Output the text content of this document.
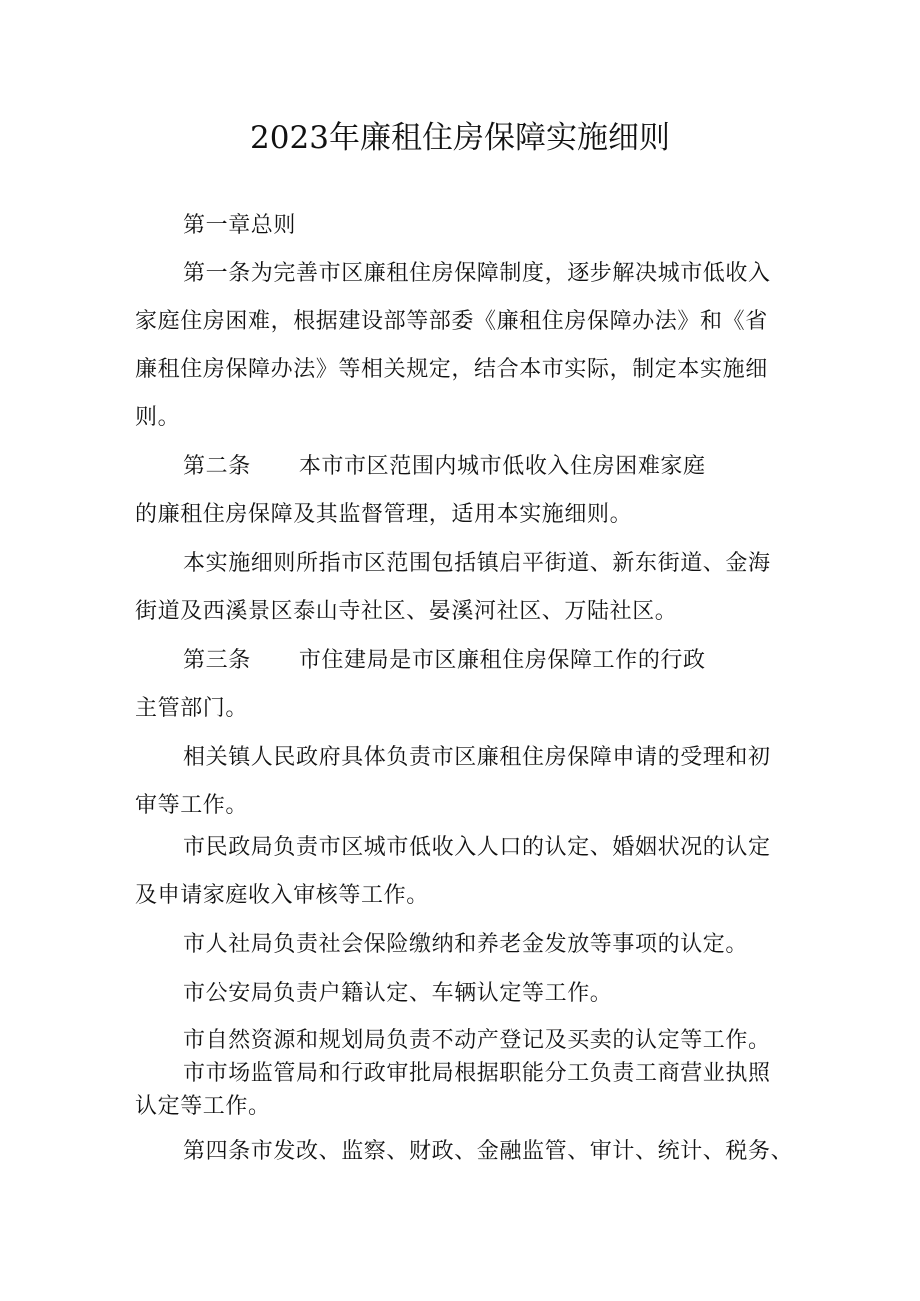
2023年廉租住房保障实施细则
第一章总则
第一条为完善市区廉租住房保障制度，逐步解决城市低收入
家庭住房困难，根据建设部等部委《廉租住房保障办法》和《省
廉租住房保障办法》等相关规定，结合本市实际，制定本实施细
则。
第二条 本市市区范围内城市低收入住房困难家庭
的廉租住房保障及其监督管理，适用本实施细则。
本实施细则所指市区范围包括镇启平街道、新东街道、金海
街道及西溪景区泰山寺社区、晏溪河社区、万陆社区。
第三条 市住建局是市区廉租住房保障工作的行政
主管部门。
相关镇人民政府具体负责市区廉租住房保障申请的受理和初
审等工作。
市民政局负责市区城市低收入人口的认定、婚姻状况的认定
及申请家庭收入审核等工作。
市人社局负责社会保险缴纳和养老金发放等事项的认定。
市公安局负责户籍认定、车辆认定等工作。
市自然资源和规划局负责不动产登记及买卖的认定等工作。
市市场监管局和行政审批局根据职能分工负责工商营业执照
认定等工作。
第四条市发改、监察、财政、金融监管、审计、统计、税务、
